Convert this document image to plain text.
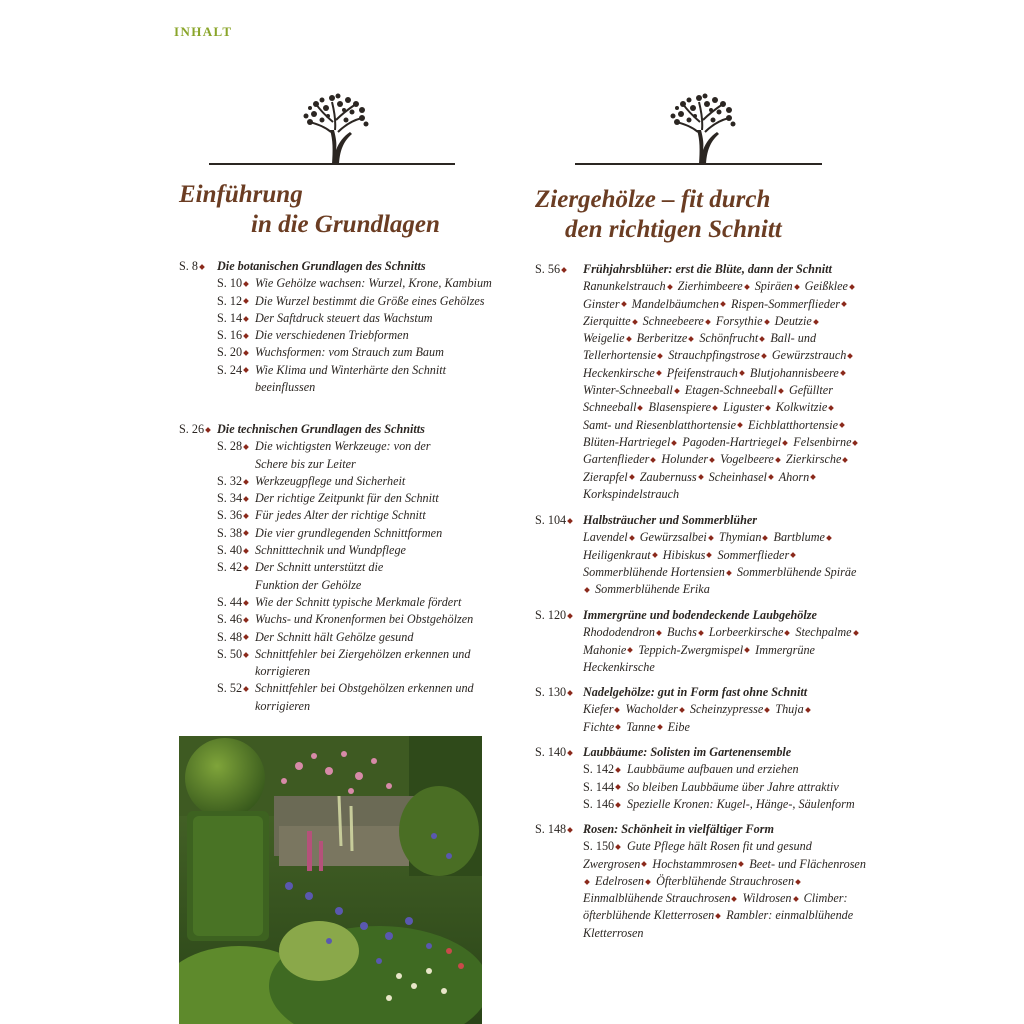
INHALT
Einführung
in die Grundlagen
Ziergehölze – fit durch
den richtigen Schnitt
S. 8	Die botanischen Grundlagen des Schnitts
S. 10	Wie Gehölze wachsen: Wurzel, Krone, Kambium
S. 12	Die Wurzel bestimmt die Größe eines Gehölzes
S. 14	Der Saftdruck steuert das Wachstum
S. 16	Die verschiedenen Triebformen
S. 20	Wuchsformen: vom Strauch zum Baum
S. 24	Wie Klima und Winterhärte den Schnitt beeinflussen
S. 26	Die technischen Grundlagen des Schnitts
S. 28	Die wichtigsten Werkzeuge: von der Schere bis zur Leiter
S. 32	Werkzeugpflege und Sicherheit
S. 34	Der richtige Zeitpunkt für den Schnitt
S. 36	Für jedes Alter der richtige Schnitt
S. 38	Die vier grundlegenden Schnittformen
S. 40	Schnitttechnik und Wundpflege
S. 42	Der Schnitt unterstützt die Funktion der Gehölze
S. 44	Wie der Schnitt typische Merkmale fördert
S. 46	Wuchs- und Kronenformen bei Obstgehölzen
S. 48	Der Schnitt hält Gehölze gesund
S. 50	Schnittfehler bei Ziergehölzen erkennen und korrigieren
S. 52	Schnittfehler bei Obstgehölzen erkennen und korrigieren
S. 56	Frühjahrsblüher: erst die Blüte, dann der Schnitt
Ranunkelstrauch Zierhimbeere Spiräen Geißklee Ginster Mandelbäumchen Rispen-Sommerflieder Zierquitte Schneebeere Forsythie Deutzie Weigelie Berberitze Schönfrucht Ball- und Tellerhortensie Strauchpfingstrose Gewürzstrauch Heckenkirsche Pfeifenstrauch Blutjohannisbeere Winter-Schneeball Etagen-Schneeball Gefüllter Schneeball Blasenspiere Liguster Kolkwitzie Samt- und Riesenblatthortensie Eichblatthortensie Blüten-Hartriegel Pagoden-Hartriegel Felsenbirne Gartenflieder Holunder Vogelbeere Zierkirsche Zierapfel Zaubernuss Scheinhasel Ahorn Korkspindelstrauch
S. 104	Halbsträucher und Sommerblüher
Lavendel Gewürzsalbei Thymian Bartblume Heiligenkraut Hibiskus Sommerflieder Sommerblühende Hortensien Sommerblühende Spiräe Sommerblühende Erika
S. 120	Immergrüne und bodendeckende Laubgehölze
Rhododendron Buchs Lorbeerkirsche Stechpalme Mahonie Teppich-Zwergmispel Immergrüne Heckenkirsche
S. 130	Nadelgehölze: gut in Form fast ohne Schnitt
Kiefer Wacholder Scheinzypresse Thuja Fichte Tanne Eibe
S. 140	Laubbäume: Solisten im Gartenensemble
S. 142	Laubbäume aufbauen und erziehen
S. 144	So bleiben Laubbäume über Jahre attraktiv
S. 146	Spezielle Kronen: Kugel-, Hänge-, Säulenform
S. 148	Rosen: Schönheit in vielfältiger Form
S. 150	Gute Pflege hält Rosen fit und gesund
Zwergrosen Hochstammrosen Beet- und Flächenrosen Edelrosen Öfterblühende Strauchrosen Einmalblühende Strauchrosen Wildrosen Climber: öfterblühende Kletterrosen Rambler: einmalblühende Kletterrosen
